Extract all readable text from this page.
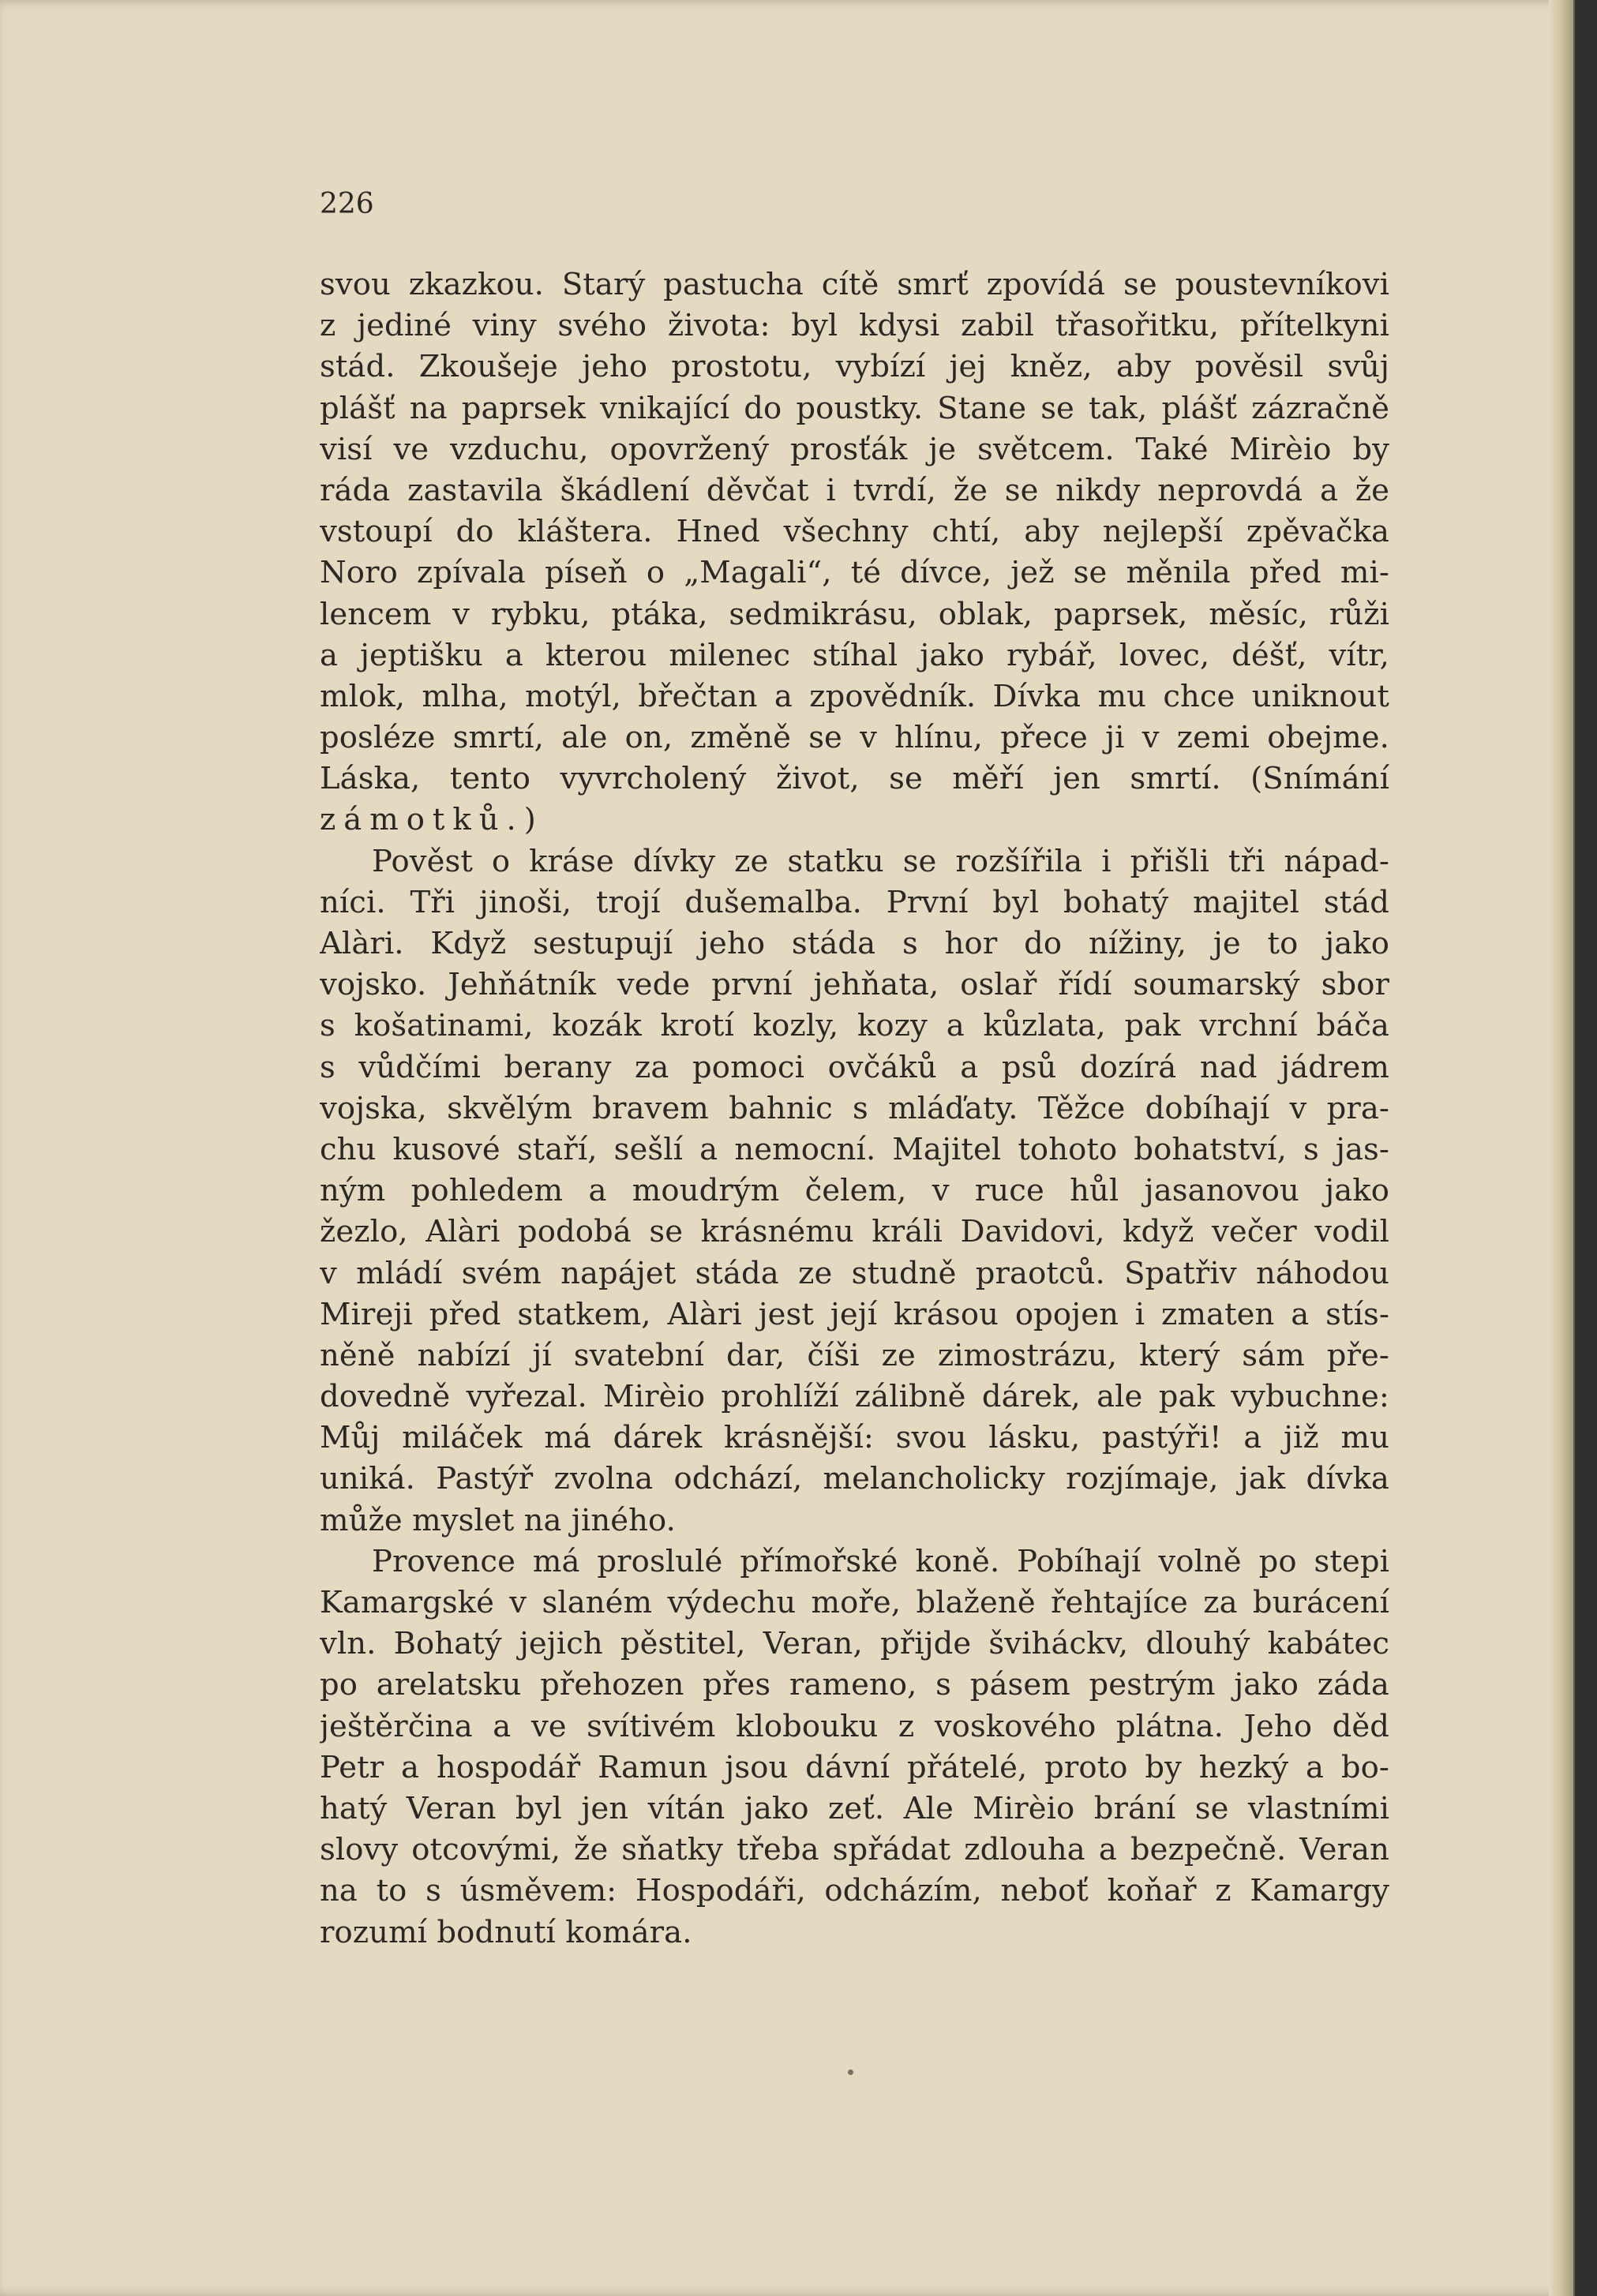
226
svou zkazkou. Starý pastucha cítě smrť zpovídá se poustevníkovi
z jediné viny svého života: byl kdysi zabil třasořitku, přítelkyni
stád. Zkoušeje jeho prostotu, vybízí jej kněz, aby pověsil svůj
plášť na paprsek vnikající do poustky. Stane se tak, plášť zázračně
visí ve vzduchu, opovržený prosťák je světcem. Také Mirèio by
ráda zastavila škádlení děvčat i tvrdí, že se nikdy neprovdá a že
vstoupí do kláštera. Hned všechny chtí, aby nejlepší zpěvačka
Noro zpívala píseň o „Magali“, té dívce, jež se měnila před mi-
lencem v rybku, ptáka, sedmikrásu, oblak, paprsek, měsíc, růži
a jeptišku a kterou milenec stíhal jako rybář, lovec, déšť, vítr,
mlok, mlha, motýl, břečtan a zpovědník. Dívka mu chce uniknout
posléze smrtí, ale on, změně se v hlínu, přece ji v zemi obejme.
Láska, tento vyvrcholený život, se měří jen smrtí. (Snímání
zámotků.)
Pověst o kráse dívky ze statku se rozšířila i přišli tři nápad-
níci. Tři jinoši, trojí dušemalba. První byl bohatý majitel stád
Alàri. Když sestupují jeho stáda s hor do nížiny, je to jako
vojsko. Jehňátník vede první jehňata, oslař řídí soumarský sbor
s košatinami, kozák krotí kozly, kozy a kůzlata, pak vrchní báča
s vůdčími berany za pomoci ovčáků a psů dozírá nad jádrem
vojska, skvělým bravem bahnic s mláďaty. Těžce dobíhají v pra-
chu kusové staří, sešlí a nemocní. Majitel tohoto bohatství, s jas-
ným pohledem a moudrým čelem, v ruce hůl jasanovou jako
žezlo, Alàri podobá se krásnému králi Davidovi, když večer vodil
v mládí svém napájet stáda ze studně praotců. Spatřiv náhodou
Mireji před statkem, Alàri jest její krásou opojen i zmaten a stís-
něně nabízí jí svatební dar, číši ze zimostrázu, který sám pře-
dovedně vyřezal. Mirèio prohlíží zálibně dárek, ale pak vybuchne:
Můj miláček má dárek krásnější: svou lásku, pastýři! a již mu
uniká. Pastýř zvolna odchází, melancholicky rozjímaje, jak dívka
může myslet na jiného.
Provence má proslulé přímořské koně. Pobíhají volně po stepi
Kamargské v slaném výdechu moře, blaženě řehtajíce za burácení
vln. Bohatý jejich pěstitel, Veran, přijde šviháckv, dlouhý kabátec
po arelatsku přehozen přes rameno, s pásem pestrým jako záda
ještěrčina a ve svítivém klobouku z voskového plátna. Jeho děd
Petr a hospodář Ramun jsou dávní přátelé, proto by hezký a bo-
hatý Veran byl jen vítán jako zeť. Ale Mirèio brání se vlastními
slovy otcovými, že sňatky třeba spřádat zdlouha a bezpečně. Veran
na to s úsměvem: Hospodáři, odcházím, neboť koňař z Kamargy
rozumí bodnutí komára.
